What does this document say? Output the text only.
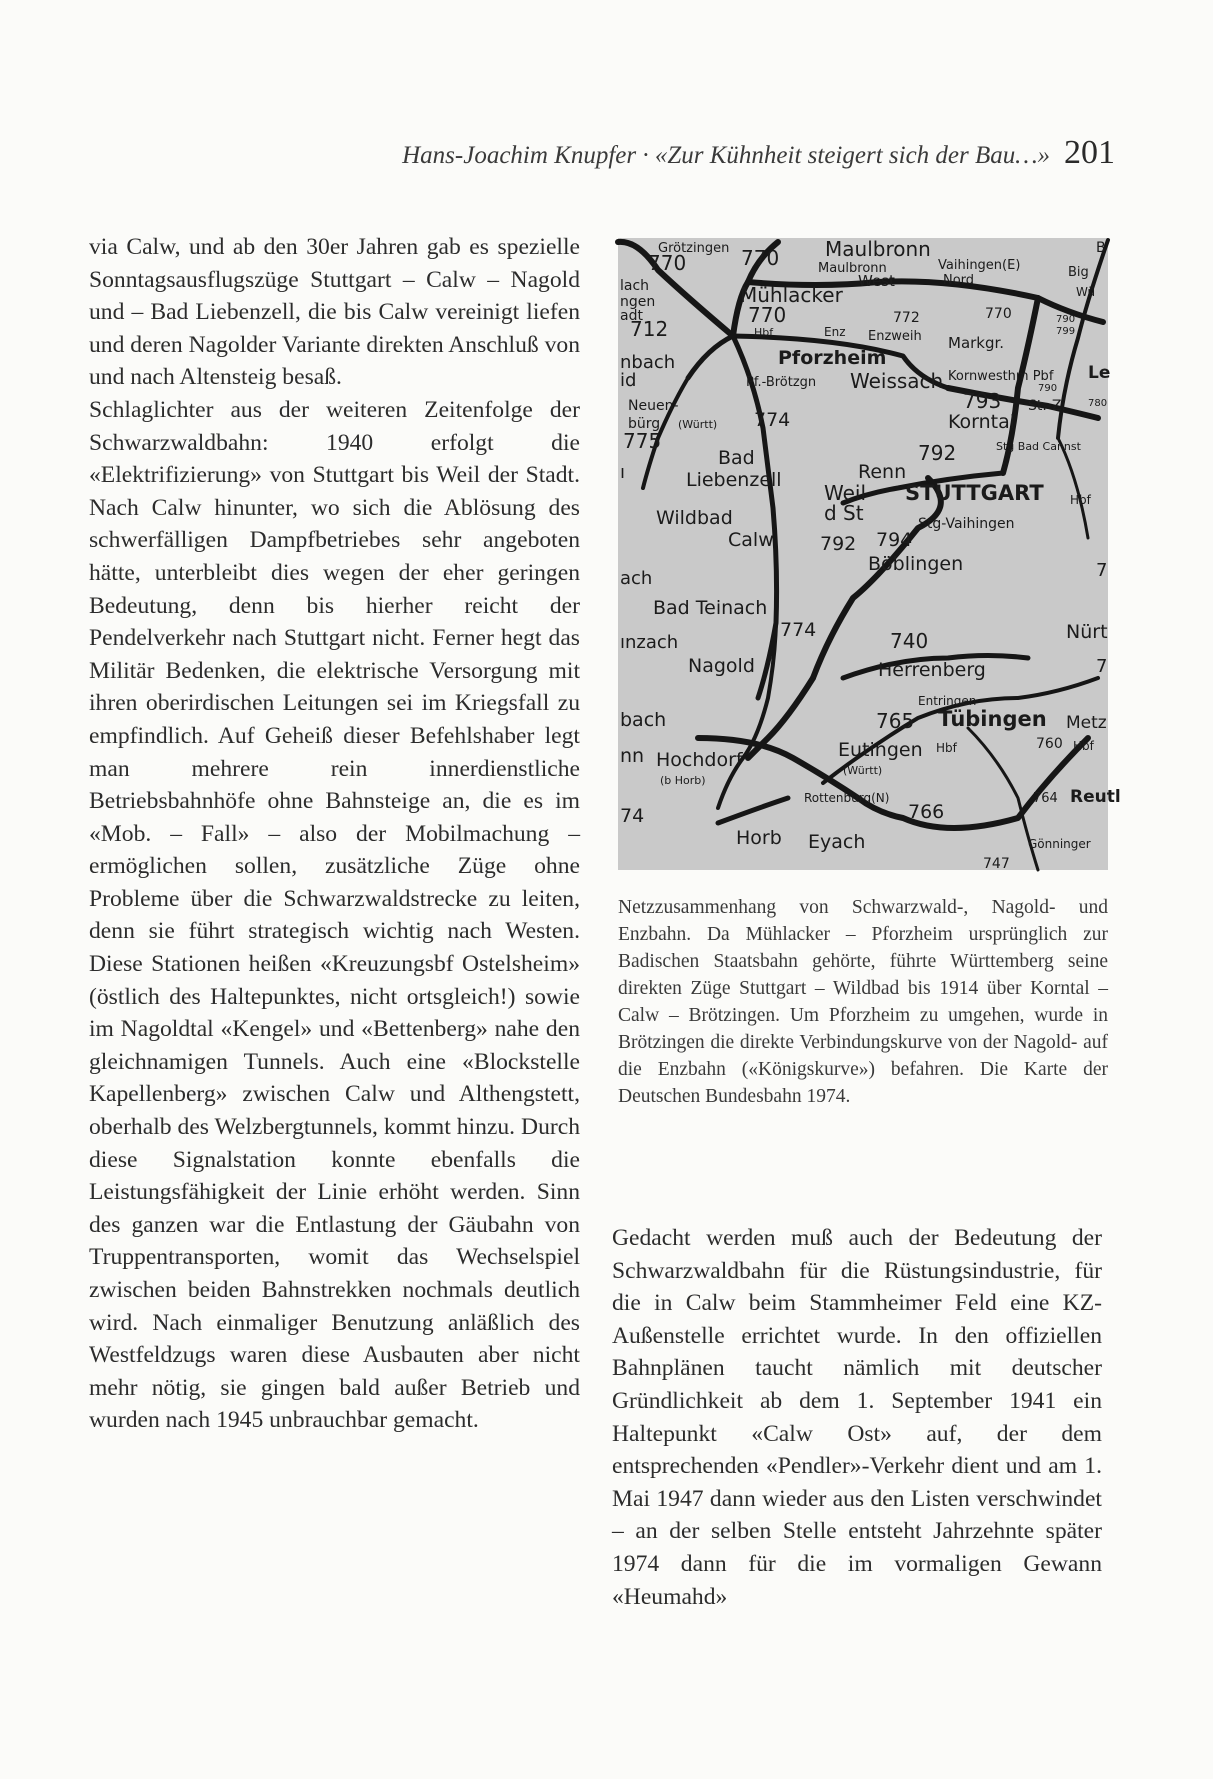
Hans-Joachim Knupfer · «Zur Kühnheit steigert sich der Bau…» 201

via Calw, und ab den 30er Jahren gab es spezielle Sonntagsausflugszüge Stuttgart – Calw – Nagold und – Bad Liebenzell, die bis Calw vereinigt liefen und deren Nagolder Variante direkten Anschluß von und nach Altensteig besaß.

Schlaglichter aus der weiteren Zeitenfolge der Schwarzwaldbahn: 1940 erfolgt die «Elektrifizierung» von Stuttgart bis Weil der Stadt. Nach Calw hinunter, wo sich die Ablösung des schwerfälligen Dampfbetriebes sehr angeboten hätte, unterbleibt dies wegen der eher geringen Bedeutung, denn bis hierher reicht der Pendelverkehr nach Stuttgart nicht. Ferner hegt das Militär Bedenken, die elektrische Versorgung mit ihren oberirdischen Leitungen sei im Kriegsfall zu empfindlich. Auf Geheiß dieser Befehlshaber legt man mehrere rein innerdienstliche Betriebsbahnhöfe ohne Bahnsteige an, die es im «Mob. – Fall» – also der Mobilmachung – ermöglichen sollen, zusätzliche Züge ohne Probleme über die Schwarzwaldstrecke zu leiten, denn sie führt strategisch wichtig nach Westen. Diese Stationen heißen «Kreuzungsbf Ostelsheim» (östlich des Haltepunktes, nicht ortsgleich!) sowie im Nagoldtal «Kengel» und «Bettenberg» nahe den gleichnamigen Tunnels. Auch eine «Blockstelle Kapellenberg» zwischen Calw und Althengstett, oberhalb des Welzbergtunnels, kommt hinzu. Durch diese Signalstation konnte ebenfalls die Leistungsfähigkeit der Linie erhöht werden. Sinn des ganzen war die Entlastung der Gäubahn von Truppentransporten, womit das Wechselspiel zwischen beiden Bahnstrekken nochmals deutlich wird. Nach einmaliger Benutzung anläßlich des Westfeldzugs waren diese Ausbauten aber nicht mehr nötig, sie gingen bald außer Betrieb und wurden nach 1945 unbrauchbar gemacht.

Grötzingen
770	770 Maulbronn
Maulbronn
West
Vaihingen(E)
Nord
Mühlacker
770
Hbf
772
Enz Enzweih Markgr.
770	790
799
712
Pforzheim
Pf.-Brötzgn Weissach Kornwesthm Pbf
790
780
793 St.-Z.
Korntal
Neuen-
bürg (Württ) 774
775	792	Stg Bad Cannst
Bad
Liebenzell	Renn
Weil
d St
STUTTGART Hbf
Wildbad	Stg-Vaihingen
Calw 792 794
Böblingen
Bad Teinach
774	740	Nürt
Nagold	Herrenberg
Entringen
765 Tübingen Metz
760 Hbf
Hochdorf
(b Horb)
Eutingen Hbf
(Württ)
Rottenburg(N)
766
764 Reutl
Horb Eyach	Gönninger
747
lach
ngen
adt
nbach
id
ı
ach
ınzach
bach
nn
74
7
7
Big
Wü
Le
B
Netzzusammenhang von Schwarzwald-, Nagold- und Enzbahn. Da Mühlacker – Pforzheim ursprünglich zur Badischen Staatsbahn gehörte, führte Württemberg seine direkten Züge Stuttgart – Wildbad bis 1914 über Korntal – Calw – Brötzingen. Um Pforzheim zu umgehen, wurde in Brötzingen die direkte Verbindungskurve von der Nagold- auf die Enzbahn («Königskurve») befahren. Die Karte der Deutschen Bundesbahn 1974.

Gedacht werden muß auch der Bedeutung der Schwarzwaldbahn für die Rüstungsindustrie, für die in Calw beim Stammheimer Feld eine KZ-Außenstelle errichtet wurde. In den offiziellen Bahnplänen taucht nämlich mit deutscher Gründlichkeit ab dem 1. September 1941 ein Haltepunkt «Calw Ost» auf, der dem entsprechenden «Pendler»-Verkehr dient und am 1. Mai 1947 dann wieder aus den Listen verschwindet – an der selben Stelle entsteht Jahrzehnte später 1974 dann für die im vormaligen Gewann «Heumahd»
